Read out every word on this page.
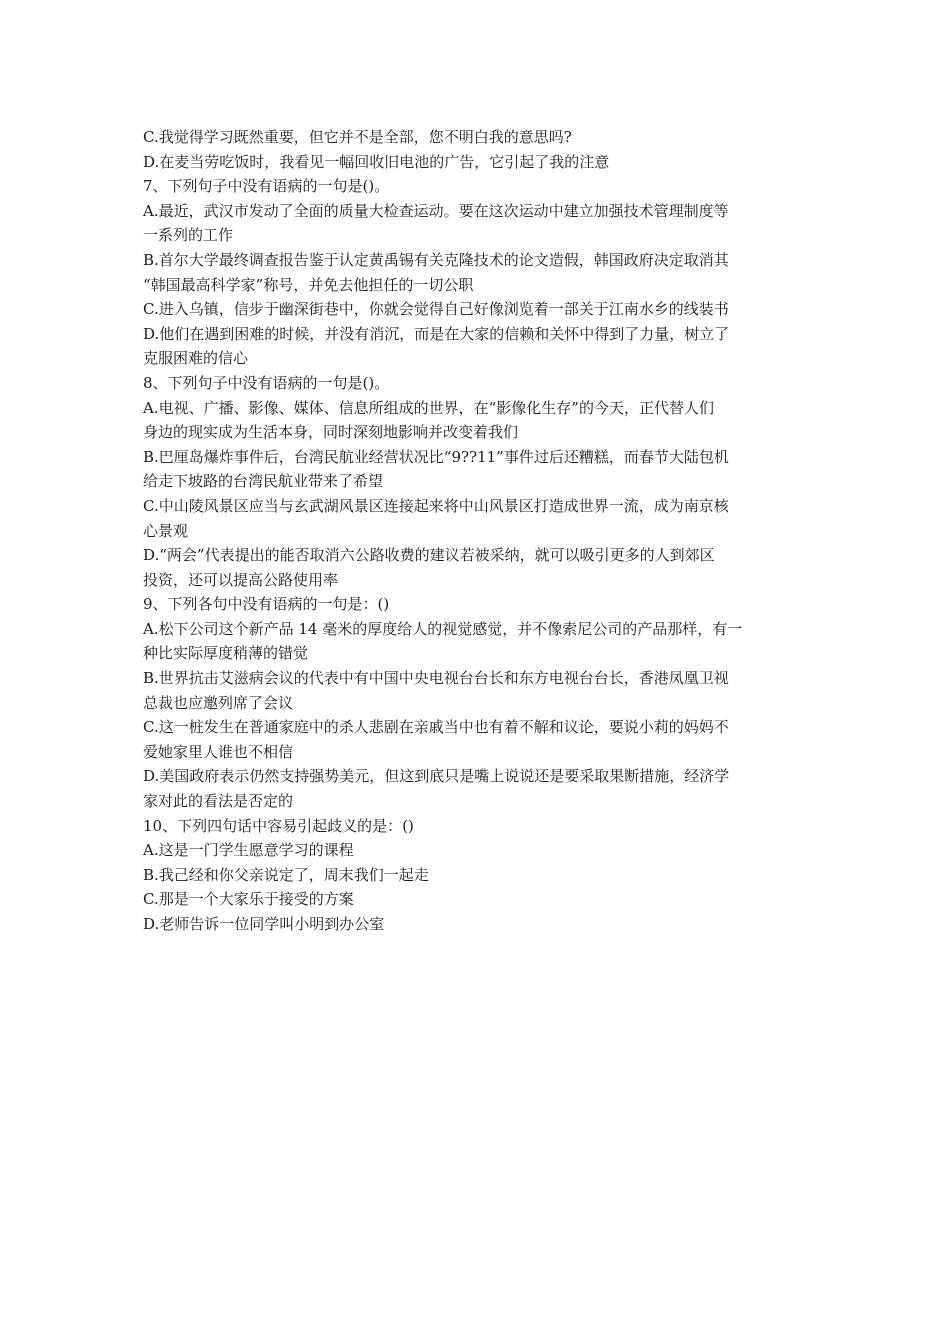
C.我觉得学习既然重要，但它并不是全部，您不明白我的意思吗?
D.在麦当劳吃饭时，我看见一幅回收旧电池的广告，它引起了我的注意
7、下列句子中没有语病的一句是()。
A.最近，武汉市发动了全面的质量大检查运动。要在这次运动中建立加强技术管理制度等
一系列的工作
B.首尔大学最终调查报告鉴于认定黄禹锡有关克隆技术的论文造假，韩国政府决定取消其
“韩国最高科学家”称号，并免去他担任的一切公职
C.进入乌镇，信步于幽深街巷中，你就会觉得自己好像浏览着一部关于江南水乡的线装书
D.他们在遇到困难的时候，并没有消沉，而是在大家的信赖和关怀中得到了力量，树立了
克服困难的信心
8、下列句子中没有语病的一句是()。
A.电视、广播、影像、媒体、信息所组成的世界，在“影像化生存”的今天，正代替人们
身边的现实成为生活本身，同时深刻地影响并改变着我们
B.巴厘岛爆炸事件后，台湾民航业经营状况比“9??11”事件过后还糟糕，而春节大陆包机
给走下坡路的台湾民航业带来了希望
C.中山陵风景区应当与玄武湖风景区连接起来将中山风景区打造成世界一流，成为南京核
心景观
D.“两会”代表提出的能否取消六公路收费的建议若被采纳，就可以吸引更多的人到郊区
投资，还可以提高公路使用率
9、下列各句中没有语病的一句是：()
A.松下公司这个新产品 14 毫米的厚度给人的视觉感觉，并不像索尼公司的产品那样，有一
种比实际厚度稍薄的错觉
B.世界抗击艾滋病会议的代表中有中国中央电视台台长和东方电视台台长，香港凤凰卫视
总裁也应邀列席了会议
C.这一桩发生在普通家庭中的杀人悲剧在亲戚当中也有着不解和议论，要说小莉的妈妈不
爱她家里人谁也不相信
D.美国政府表示仍然支持强势美元，但这到底只是嘴上说说还是要采取果断措施，经济学
家对此的看法是否定的
10、下列四句话中容易引起歧义的是：()
A.这是一门学生愿意学习的课程
B.我己经和你父亲说定了，周末我们一起走
C.那是一个大家乐于接受的方案
D.老师告诉一位同学叫小明到办公室
